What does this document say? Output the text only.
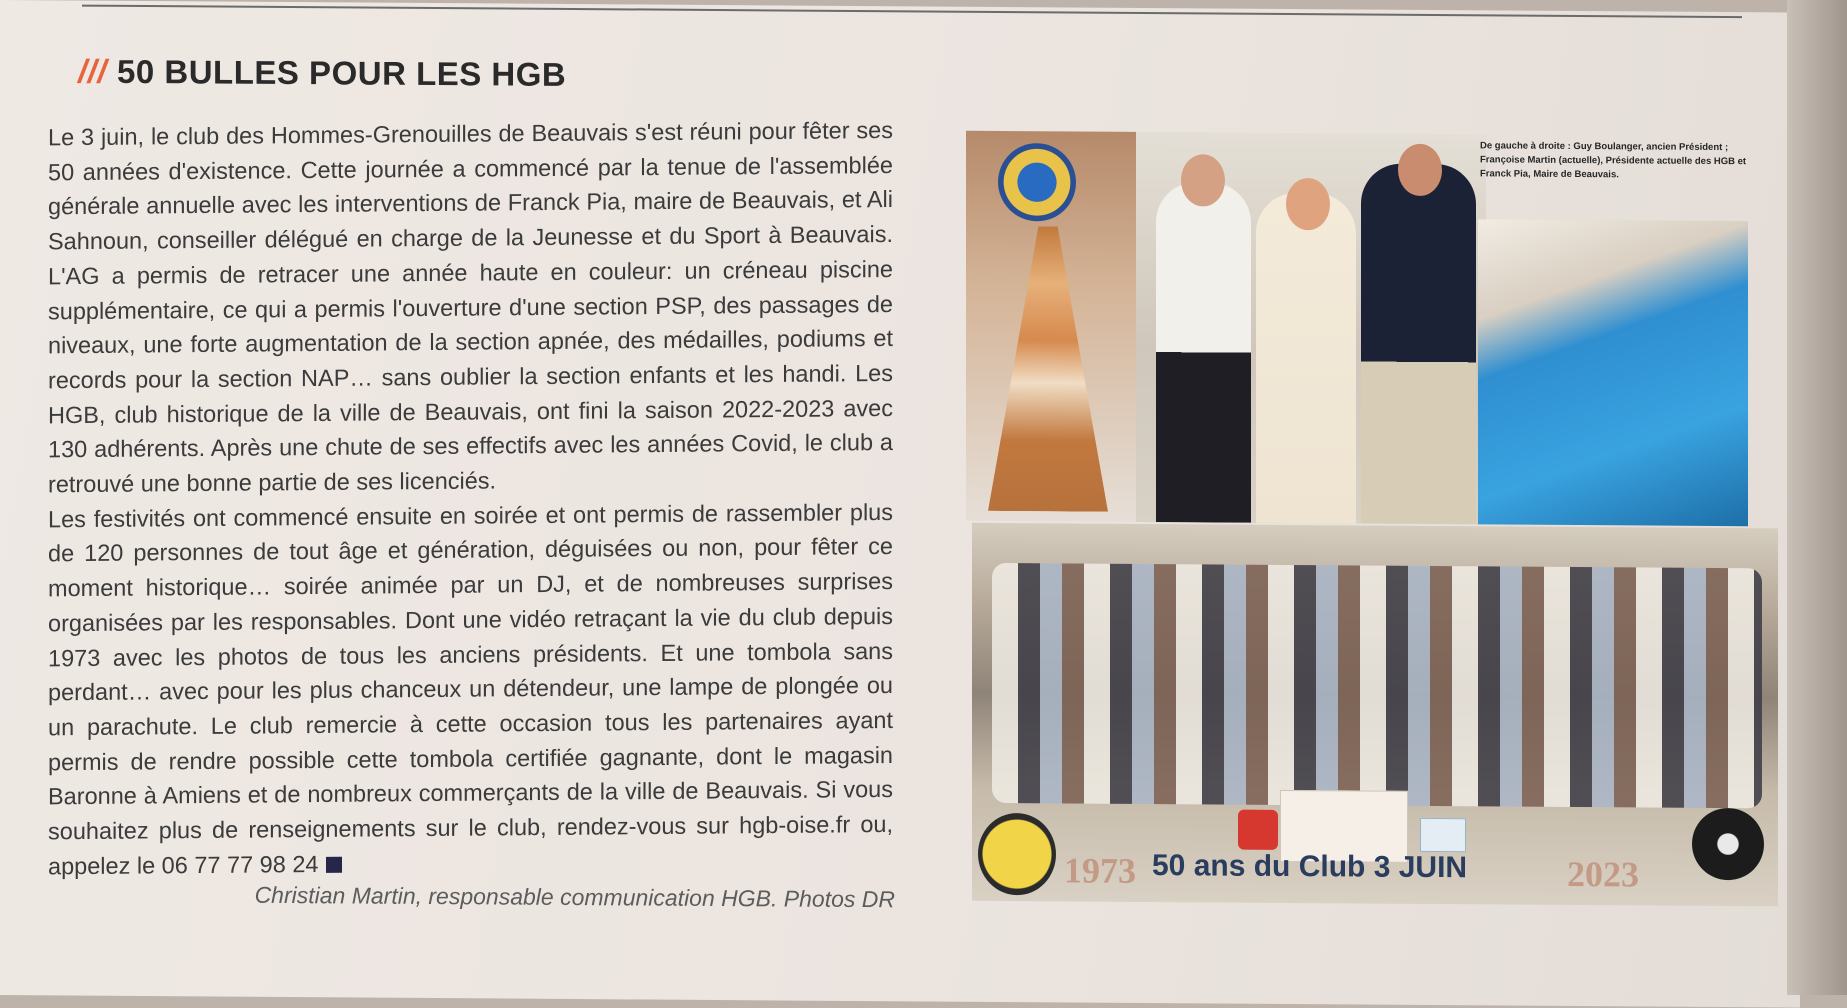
/// 50 BULLES POUR LES HGB

Le 3 juin, le club des Hommes-Grenouilles de Beauvais s'est réuni pour fêter ses 50 années d'existence. Cette journée a commencé par la tenue de l'assemblée générale annuelle avec les interventions de Franck Pia, maire de Beauvais, et Ali Sahnoun, conseiller délégué en charge de la Jeunesse et du Sport à Beauvais. L'AG a permis de retracer une année haute en couleur: un créneau piscine supplémentaire, ce qui a permis l'ouverture d'une section PSP, des passages de niveaux, une forte augmentation de la section apnée, des médailles, podiums et records pour la section NAP… sans oublier la section enfants et les handi. Les HGB, club historique de la ville de Beauvais, ont fini la saison 2022-2023 avec 130 adhérents. Après une chute de ses effectifs avec les années Covid, le club a retrouvé une bonne partie de ses licenciés.

Les festivités ont commencé ensuite en soirée et ont permis de rassembler plus de 120 personnes de tout âge et génération, déguisées ou non, pour fêter ce moment historique… soirée animée par un DJ, et de nombreuses surprises organisées par les responsables. Dont une vidéo retraçant la vie du club depuis 1973 avec les photos de tous les anciens présidents. Et une tombola sans perdant… avec pour les plus chanceux un détendeur, une lampe de plongée ou un parachute. Le club remercie à cette occasion tous les partenaires ayant permis de rendre possible cette tombola certifiée gagnante, dont le magasin Baronne à Amiens et de nombreux commerçants de la ville de Beauvais. Si vous souhaitez plus de renseignements sur le club, rendez-vous sur hgb-oise.fr ou, appelez le 06 77 77 98 24

Christian Martin, responsable communication HGB. Photos DR

De gauche à droite : Guy Boulanger, ancien Président ; Françoise Martin (actuelle), Présidente actuelle des HGB et Franck Pia, Maire de Beauvais.

1973 50 ans du Club 3 JUIN	2023
